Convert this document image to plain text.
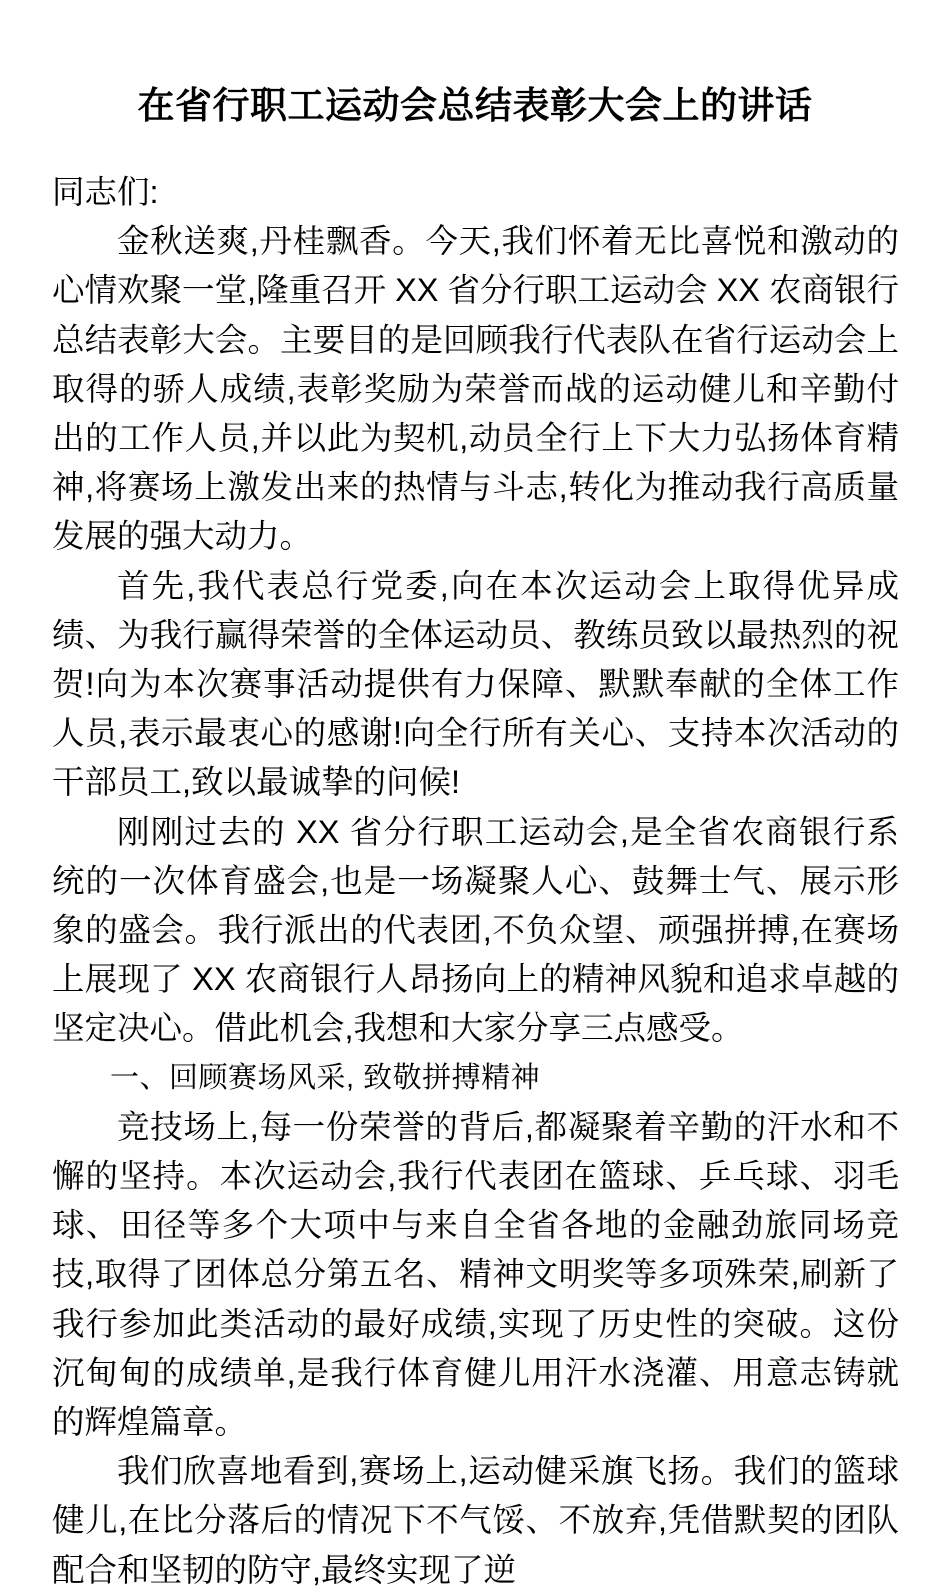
在省行职工运动会总结表彰大会上的讲话

同志们:

金秋送爽,丹桂飘香。今天,我们怀着无比喜悦和激动的心情欢聚一堂,隆重召开 XX 省分行职工运动会 XX 农商银行总结表彰大会。主要目的是回顾我行代表队在省行运动会上取得的骄人成绩,表彰奖励为荣誉而战的运动健儿和辛勤付出的工作人员,并以此为契机,动员全行上下大力弘扬体育精神,将赛场上激发出来的热情与斗志,转化为推动我行高质量发展的强大动力。

首先,我代表总行党委,向在本次运动会上取得优异成绩、为我行赢得荣誉的全体运动员、教练员致以最热烈的祝贺!向为本次赛事活动提供有力保障、默默奉献的全体工作人员,表示最衷心的感谢!向全行所有关心、支持本次活动的干部员工,致以最诚挚的问候!

刚刚过去的 XX 省分行职工运动会,是全省农商银行系统的一次体育盛会,也是一场凝聚人心、鼓舞士气、展示形象的盛会。我行派出的代表团,不负众望、顽强拼搏,在赛场上展现了 XX 农商银行人昂扬向上的精神风貌和追求卓越的坚定决心。借此机会,我想和大家分享三点感受。

一、回顾赛场风采, 致敬拼搏精神

竞技场上,每一份荣誉的背后,都凝聚着辛勤的汗水和不懈的坚持。本次运动会,我行代表团在篮球、乒乓球、羽毛球、田径等多个大项中与来自全省各地的金融劲旅同场竞技,取得了团体总分第五名、精神文明奖等多项殊荣,刷新了我行参加此类活动的最好成绩,实现了历史性的突破。这份沉甸甸的成绩单,是我行体育健儿用汗水浇灌、用意志铸就的辉煌篇章。

我们欣喜地看到,赛场上,运动健采旗飞扬。我们的篮球健儿,在比分落后的情况下不气馁、不放弃,凭借默契的团队配合和坚韧的防守,最终实现了逆
